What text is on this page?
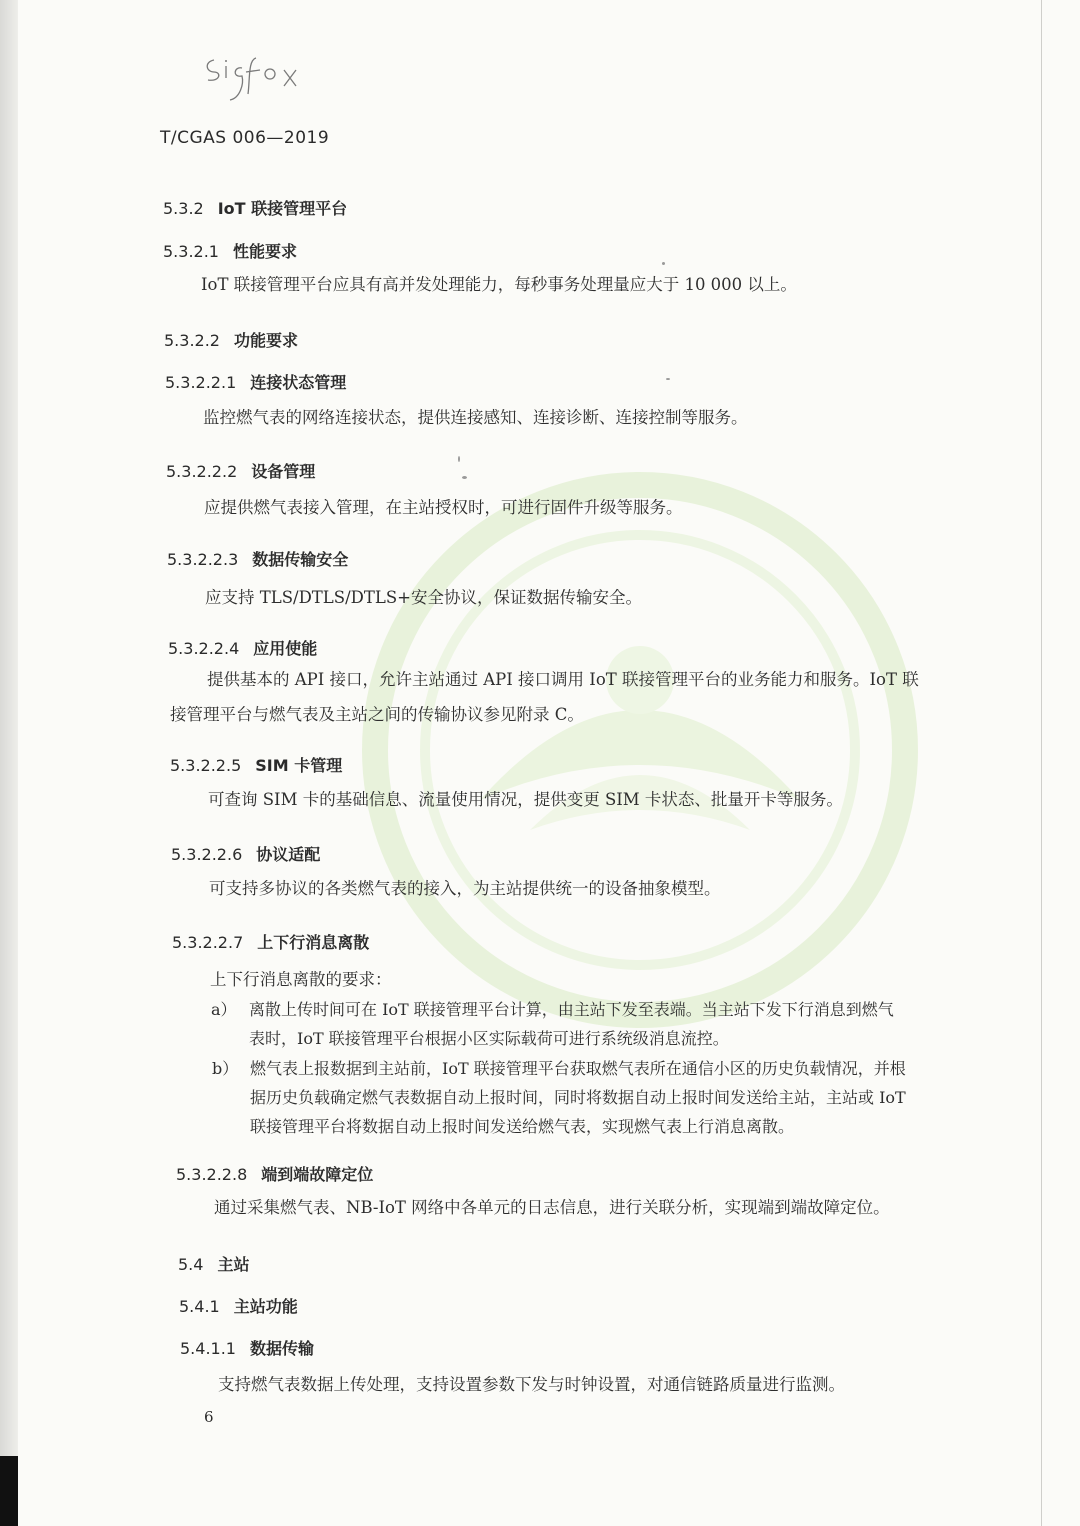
T/CGAS 006—2019
5.3.2 IoT 联接管理平台
5.3.2.1 性能要求
IoT 联接管理平台应具有高并发处理能力，每秒事务处理量应大于 10 000 以上。
5.3.2.2 功能要求
5.3.2.2.1 连接状态管理
监控燃气表的网络连接状态，提供连接感知、连接诊断、连接控制等服务。
5.3.2.2.2 设备管理
应提供燃气表接入管理，在主站授权时，可进行固件升级等服务。
5.3.2.2.3 数据传输安全
应支持 TLS/DTLS/DTLS+安全协议，保证数据传输安全。
5.3.2.2.4 应用使能
提供基本的 API 接口，允许主站通过 API 接口调用 IoT 联接管理平台的业务能力和服务。IoT 联
接管理平台与燃气表及主站之间的传输协议参见附录 C。
5.3.2.2.5 SIM 卡管理
可查询 SIM 卡的基础信息、流量使用情况，提供变更 SIM 卡状态、批量开卡等服务。
5.3.2.2.6 协议适配
可支持多协议的各类燃气表的接入，为主站提供统一的设备抽象模型。
5.3.2.2.7 上下行消息离散
上下行消息离散的要求：
a） 离散上传时间可在 IoT 联接管理平台计算，由主站下发至表端。当主站下发下行消息到燃气
表时，IoT 联接管理平台根据小区实际载荷可进行系统级消息流控。
b） 燃气表上报数据到主站前，IoT 联接管理平台获取燃气表所在通信小区的历史负载情况，并根
据历史负载确定燃气表数据自动上报时间，同时将数据自动上报时间发送给主站，主站或 IoT
联接管理平台将数据自动上报时间发送给燃气表，实现燃气表上行消息离散。
5.3.2.2.8 端到端故障定位
通过采集燃气表、NB-IoT 网络中各单元的日志信息，进行关联分析，实现端到端故障定位。
5.4 主站
5.4.1 主站功能
5.4.1.1 数据传输
支持燃气表数据上传处理，支持设置参数下发与时钟设置，对通信链路质量进行监测。
6
